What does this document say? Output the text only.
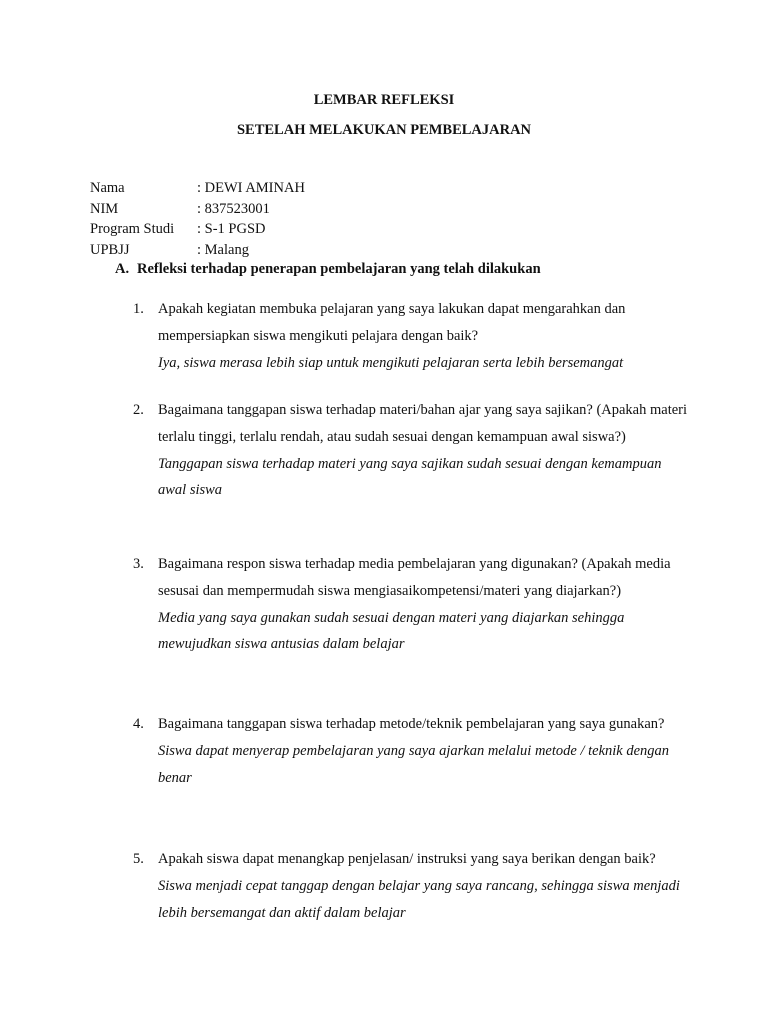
LEMBAR REFLEKSI
SETELAH MELAKUKAN PEMBELAJARAN
Nama	: DEWI AMINAH
NIM	: 837523001
Program Studi : S-1 PGSD
UPBJJ	: Malang
A. Refleksi terhadap penerapan pembelajaran yang telah dilakukan
1. Apakah kegiatan membuka pelajaran yang saya lakukan dapat mengarahkan dan mempersiapkan siswa mengikuti pelajara dengan baik?
Iya, siswa merasa lebih siap untuk mengikuti pelajaran serta lebih bersemangat
2. Bagaimana tanggapan siswa terhadap materi/bahan ajar yang saya sajikan? (Apakah materi terlalu tinggi, terlalu rendah, atau sudah sesuai dengan kemampuan awal siswa?)
Tanggapan siswa terhadap materi yang saya sajikan sudah sesuai dengan kemampuan awal siswa
3. Bagaimana respon siswa terhadap media pembelajaran yang digunakan? (Apakah media sesusai dan mempermudah siswa mengiasaikompetensi/materi yang diajarkan?)
Media yang saya gunakan sudah sesuai dengan materi yang diajarkan sehingga mewujudkan siswa antusias dalam belajar
4. Bagaimana tanggapan siswa terhadap metode/teknik pembelajaran yang saya gunakan?
Siswa dapat menyerap pembelajaran yang saya ajarkan melalui metode / teknik dengan benar
5. Apakah siswa dapat menangkap penjelasan/ instruksi yang saya berikan dengan baik?
Siswa menjadi cepat tanggap dengan belajar yang saya rancang, sehingga siswa menjadi lebih bersemangat dan aktif dalam belajar
